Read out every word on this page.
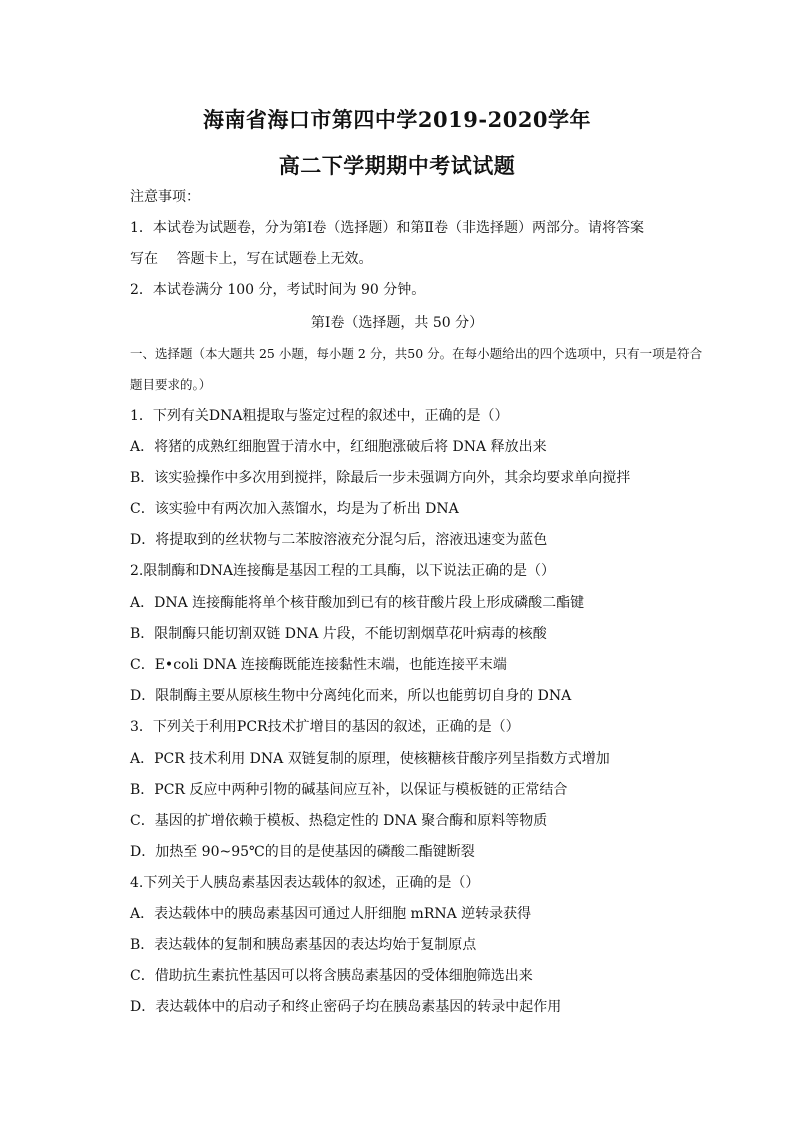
海南省海口市第四中学2019-2020学年
高二下学期期中考试试题
注意事项：
1．本试卷为试题卷，分为第Ⅰ卷（选择题）和第Ⅱ卷（非选择题）两部分。请将答案
写在　 答题卡上，写在试题卷上无效。
2．本试卷满分 100 分，考试时间为 90 分钟。
第Ⅰ卷（选择题，共 50 分）
一、选择题（本大题共 25 小题，每小题 2 分，共50 分。在每小题给出的四个选项中，只有一项是符合
题目要求的。）
1．下列有关DNA粗提取与鉴定过程的叙述中，正确的是（）
A．将猪的成熟红细胞置于清水中，红细胞涨破后将 DNA 释放出来
B．该实验操作中多次用到搅拌，除最后一步未强调方向外，其余均要求单向搅拌
C．该实验中有两次加入蒸馏水，均是为了析出 DNA
D．将提取到的丝状物与二苯胺溶液充分混匀后，溶液迅速变为蓝色
2.限制酶和DNA连接酶是基因工程的工具酶，以下说法正确的是（）
A．DNA 连接酶能将单个核苷酸加到已有的核苷酸片段上形成磷酸二酯键
B．限制酶只能切割双链 DNA 片段，不能切割烟草花叶病毒的核酸
C．E•coli DNA 连接酶既能连接黏性末端，也能连接平末端
D．限制酶主要从原核生物中分离纯化而来，所以也能剪切自身的 DNA
3．下列关于利用PCR技术扩增目的基因的叙述，正确的是（）
A．PCR 技术利用 DNA 双链复制的原理，使核糖核苷酸序列呈指数方式增加
B．PCR 反应中两种引物的碱基间应互补，以保证与模板链的正常结合
C．基因的扩增依赖于模板、热稳定性的 DNA 聚合酶和原料等物质
D．加热至 90~95℃的目的是使基因的磷酸二酯键断裂
4.下列关于人胰岛素基因表达载体的叙述，正确的是（）
A．表达载体中的胰岛素基因可通过人肝细胞 mRNA 逆转录获得
B．表达载体的复制和胰岛素基因的表达均始于复制原点
C．借助抗生素抗性基因可以将含胰岛素基因的受体细胞筛选出来
D．表达载体中的启动子和终止密码子均在胰岛素基因的转录中起作用
